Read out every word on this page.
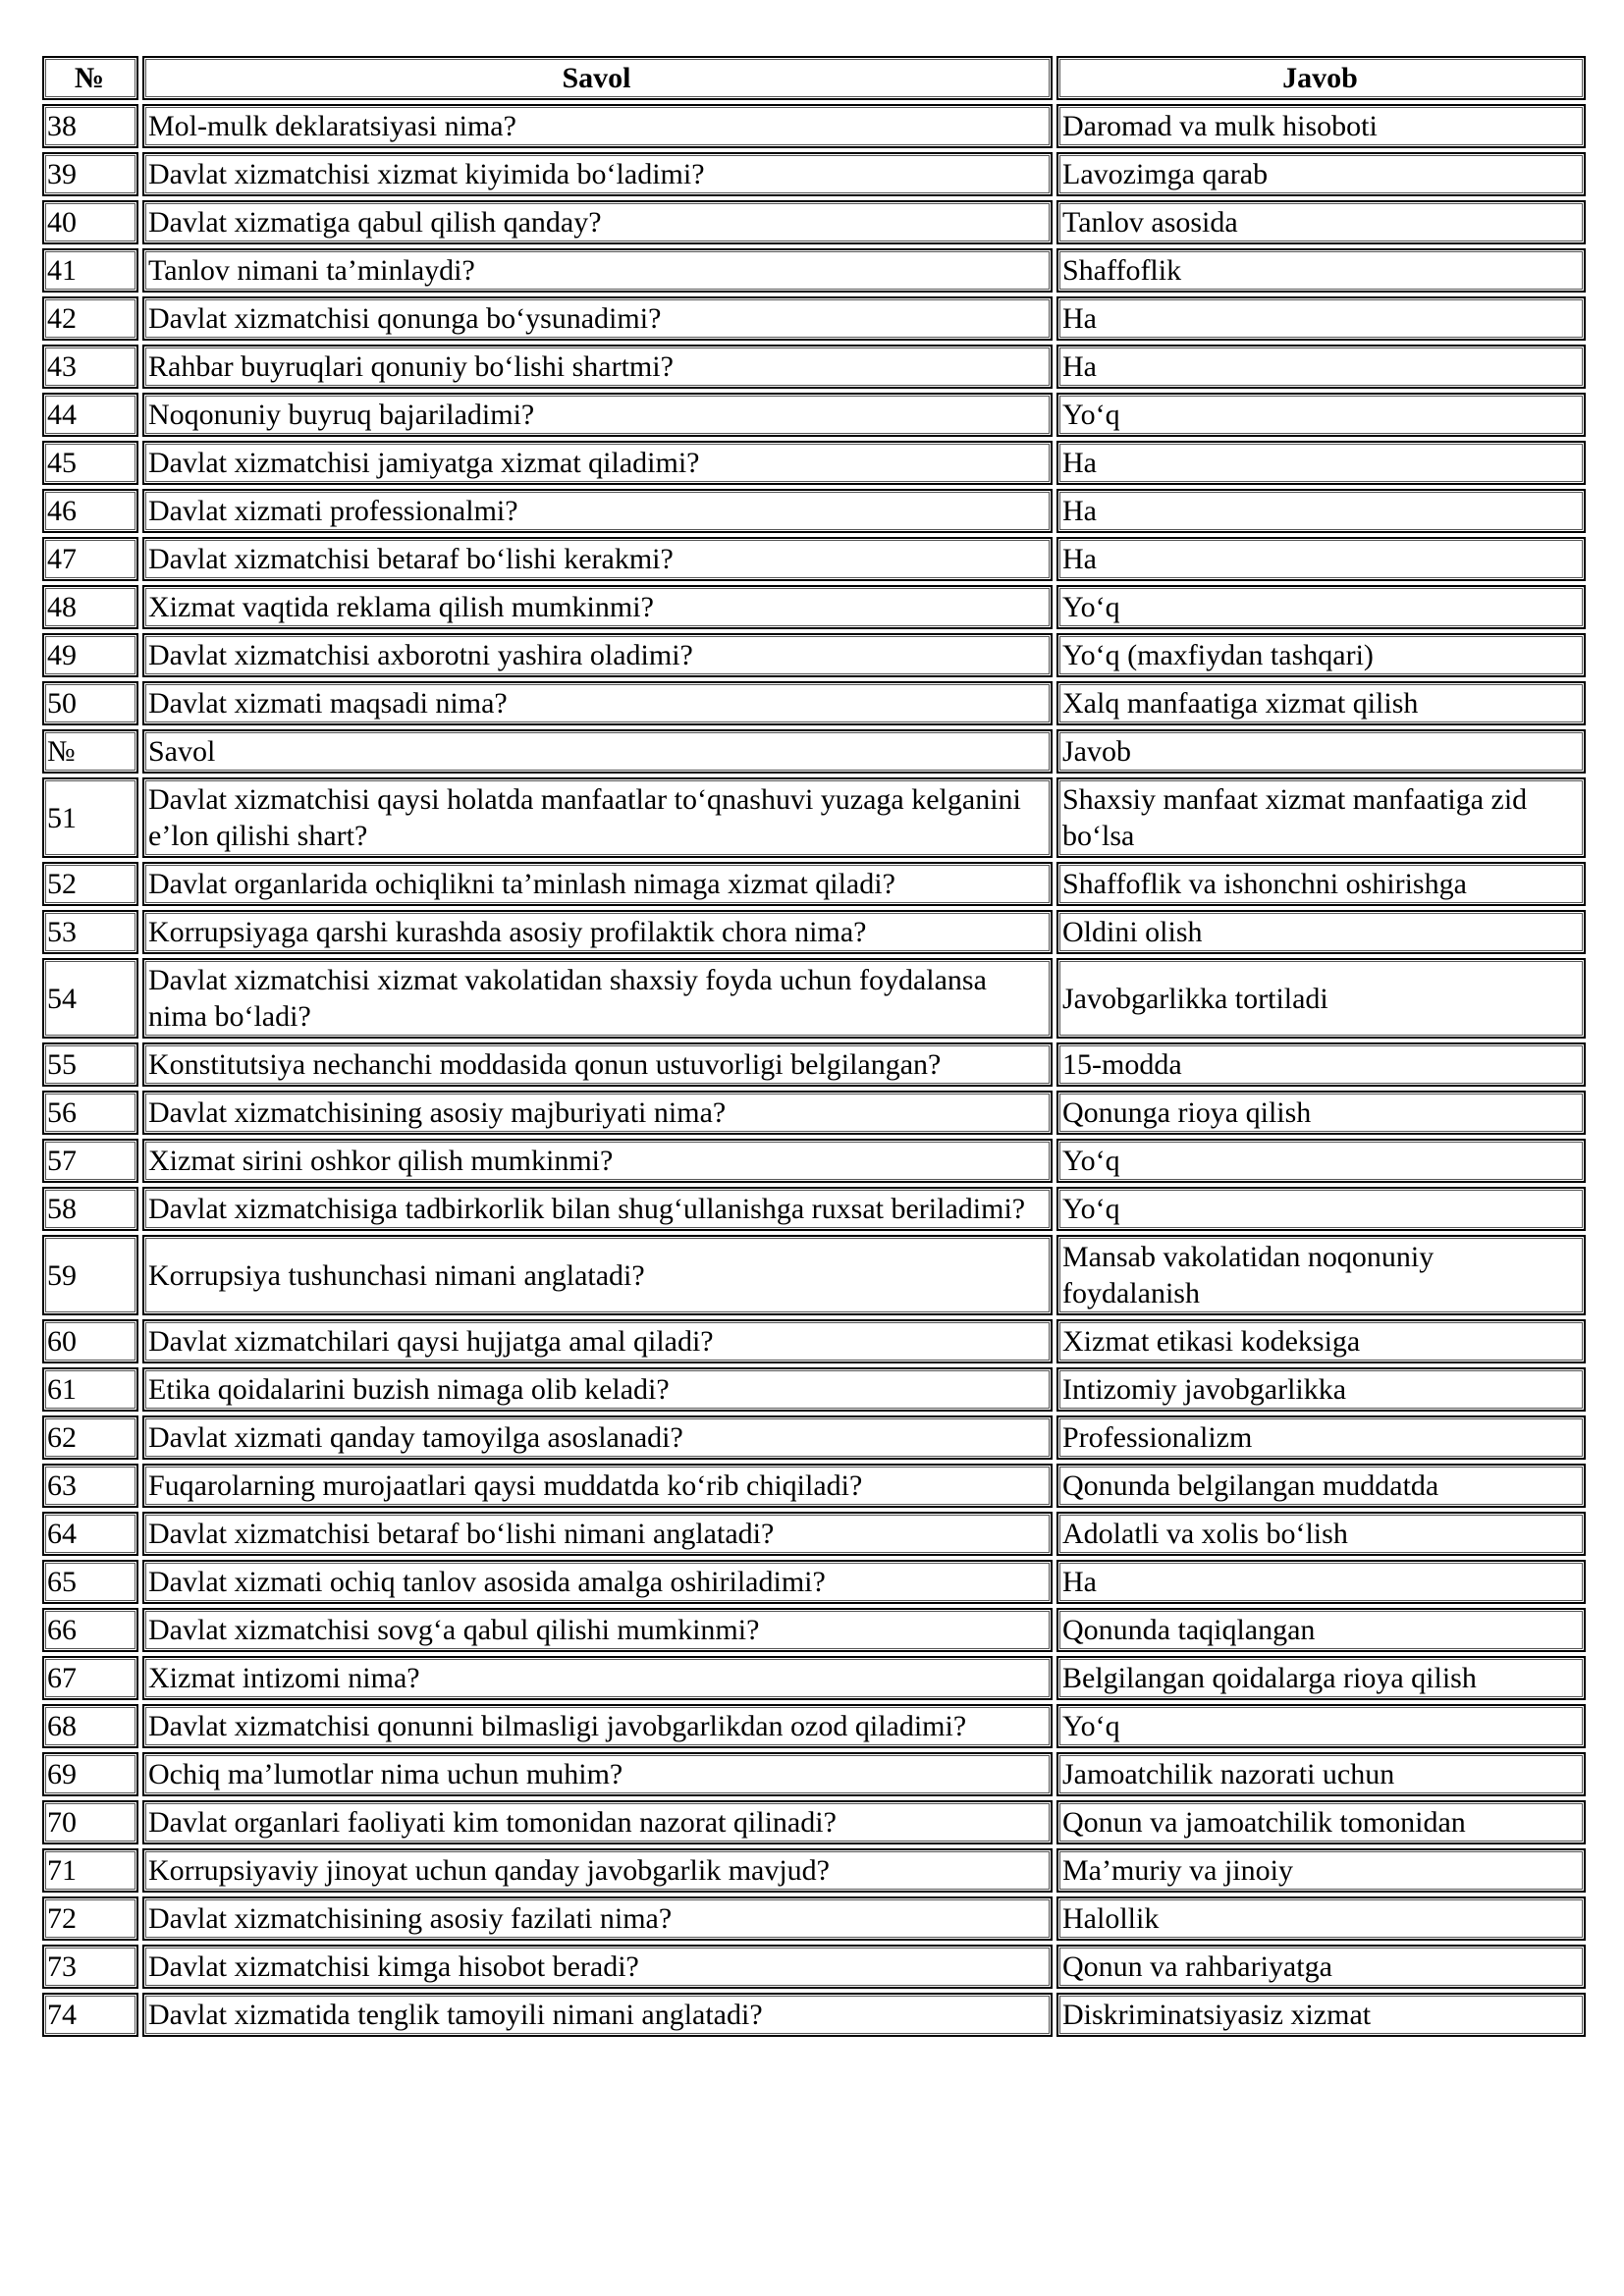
№	Savol	Javob
38	Mol-mulk deklaratsiyasi nima?	Daromad va mulk hisoboti
39	Davlat xizmatchisi xizmat kiyimida bo‘ladimi?	Lavozimga qarab
40	Davlat xizmatiga qabul qilish qanday?	Tanlov asosida
41	Tanlov nimani ta’minlaydi?	Shaffoflik
42	Davlat xizmatchisi qonunga bo‘ysunadimi?	Ha
43	Rahbar buyruqlari qonuniy bo‘lishi shartmi?	Ha
44	Noqonuniy buyruq bajariladimi?	Yo‘q
45	Davlat xizmatchisi jamiyatga xizmat qiladimi?	Ha
46	Davlat xizmati professionalmi?	Ha
47	Davlat xizmatchisi betaraf bo‘lishi kerakmi?	Ha
48	Xizmat vaqtida reklama qilish mumkinmi?	Yo‘q
49	Davlat xizmatchisi axborotni yashira oladimi?	Yo‘q (maxfiydan tashqari)
50	Davlat xizmati maqsadi nima?	Xalq manfaatiga xizmat qilish
№	Savol	Javob
51	Davlat xizmatchisi qaysi holatda manfaatlar to‘qnashuvi yuzaga kelganini e’lon qilishi shart?	Shaxsiy manfaat xizmat manfaatiga zid bo‘lsa
52	Davlat organlarida ochiqlikni ta’minlash nimaga xizmat qiladi?	Shaffoflik va ishonchni oshirishga
53	Korrupsiyaga qarshi kurashda asosiy profilaktik chora nima?	Oldini olish
54	Davlat xizmatchisi xizmat vakolatidan shaxsiy foyda uchun foydalansa nima bo‘ladi?	Javobgarlikka tortiladi
55	Konstitutsiya nechanchi moddasida qonun ustuvorligi belgilangan?	15-modda
56	Davlat xizmatchisining asosiy majburiyati nima?	Qonunga rioya qilish
57	Xizmat sirini oshkor qilish mumkinmi?	Yo‘q
58	Davlat xizmatchisiga tadbirkorlik bilan shug‘ullanishga ruxsat beriladimi?	Yo‘q
59	Korrupsiya tushunchasi nimani anglatadi?	Mansab vakolatidan noqonuniy foydalanish
60	Davlat xizmatchilari qaysi hujjatga amal qiladi?	Xizmat etikasi kodeksiga
61	Etika qoidalarini buzish nimaga olib keladi?	Intizomiy javobgarlikka
62	Davlat xizmati qanday tamoyilga asoslanadi?	Professionalizm
63	Fuqarolarning murojaatlari qaysi muddatda ko‘rib chiqiladi?	Qonunda belgilangan muddatda
64	Davlat xizmatchisi betaraf bo‘lishi nimani anglatadi?	Adolatli va xolis bo‘lish
65	Davlat xizmati ochiq tanlov asosida amalga oshiriladimi?	Ha
66	Davlat xizmatchisi sovg‘a qabul qilishi mumkinmi?	Qonunda taqiqlangan
67	Xizmat intizomi nima?	Belgilangan qoidalarga rioya qilish
68	Davlat xizmatchisi qonunni bilmasligi javobgarlikdan ozod qiladimi?	Yo‘q
69	Ochiq ma’lumotlar nima uchun muhim?	Jamoatchilik nazorati uchun
70	Davlat organlari faoliyati kim tomonidan nazorat qilinadi?	Qonun va jamoatchilik tomonidan
71	Korrupsiyaviy jinoyat uchun qanday javobgarlik mavjud?	Ma’muriy va jinoiy
72	Davlat xizmatchisining asosiy fazilati nima?	Halollik
73	Davlat xizmatchisi kimga hisobot beradi?	Qonun va rahbariyatga
74	Davlat xizmatida tenglik tamoyili nimani anglatadi?	Diskriminatsiyasiz xizmat
